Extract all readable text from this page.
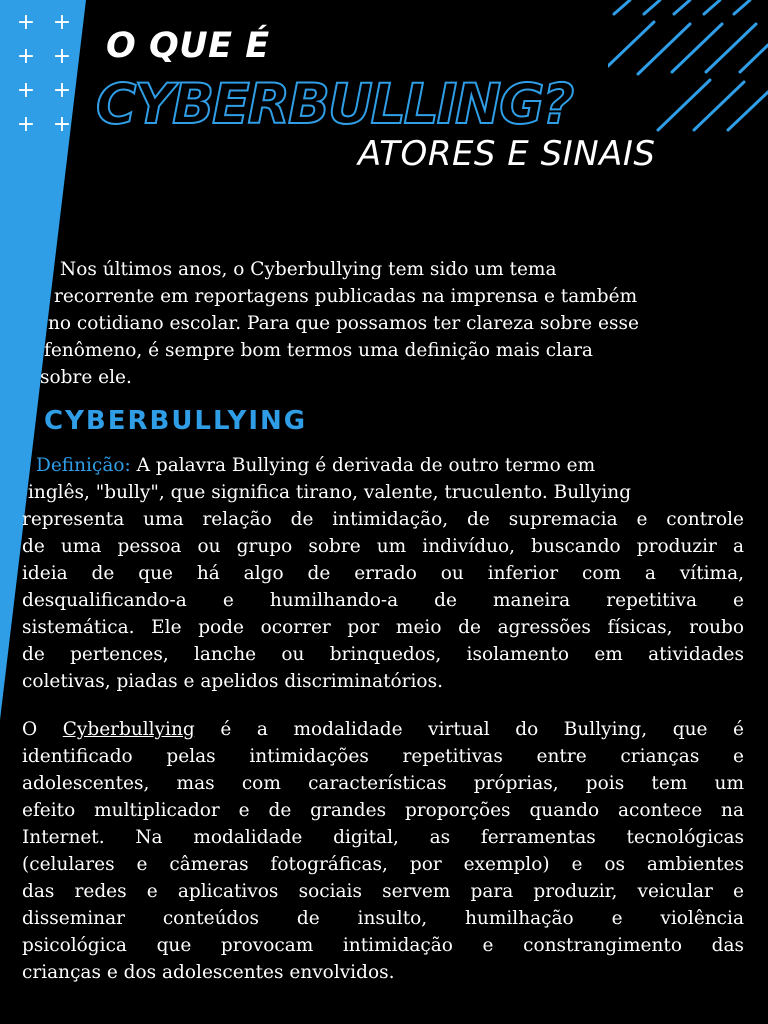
+ +
+ +
+ +
+ +
O QUE É
CYBERBULLING?
ATORES E SINAIS
Nos últimos anos, o Cyberbullying tem sido um tema
recorrente em reportagens publicadas na imprensa e também
no cotidiano escolar. Para que possamos ter clareza sobre esse
fenômeno, é sempre bom termos uma definição mais clara
sobre ele.
CYBERBULLYING
Definição: A palavra Bullying é derivada de outro termo em
inglês, "bully", que significa tirano, valente, truculento. Bullying
representa uma relação de intimidação, de supremacia e controle
de uma pessoa ou grupo sobre um indivíduo, buscando produzir a
ideia de que há algo de errado ou inferior com a vítima,
desqualificando-a e humilhando-a de maneira repetitiva e
sistemática. Ele pode ocorrer por meio de agressões físicas, roubo
de pertences, lanche ou brinquedos, isolamento em atividades
coletivas, piadas e apelidos discriminatórios.
O Cyberbullying é a modalidade virtual do Bullying, que é
identificado pelas intimidações repetitivas entre crianças e
adolescentes, mas com características próprias, pois tem um
efeito multiplicador e de grandes proporções quando acontece na
Internet. Na modalidade digital, as ferramentas tecnológicas
(celulares e câmeras fotográficas, por exemplo) e os ambientes
das redes e aplicativos sociais servem para produzir, veicular e
disseminar conteúdos de insulto, humilhação e violência
psicológica que provocam intimidação e constrangimento das
crianças e dos adolescentes envolvidos.
